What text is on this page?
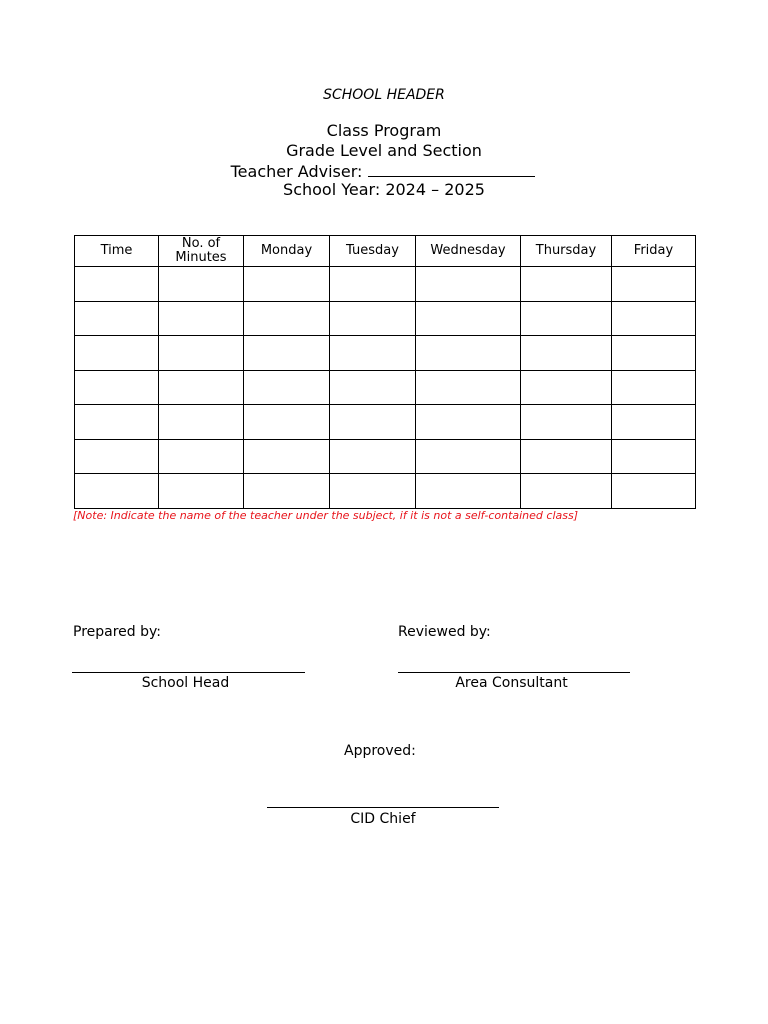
SCHOOL HEADER
Class Program
Grade Level and Section
Teacher Adviser:
School Year: 2024 – 2025
Time	No. of Minutes	Monday	Tuesday	Wednesday	Thursday	Friday

[Note: Indicate the name of the teacher under the subject, if it is not a self-contained class]
Prepared by:
School Head
Reviewed by:
Area Consultant
Approved:
CID Chief
